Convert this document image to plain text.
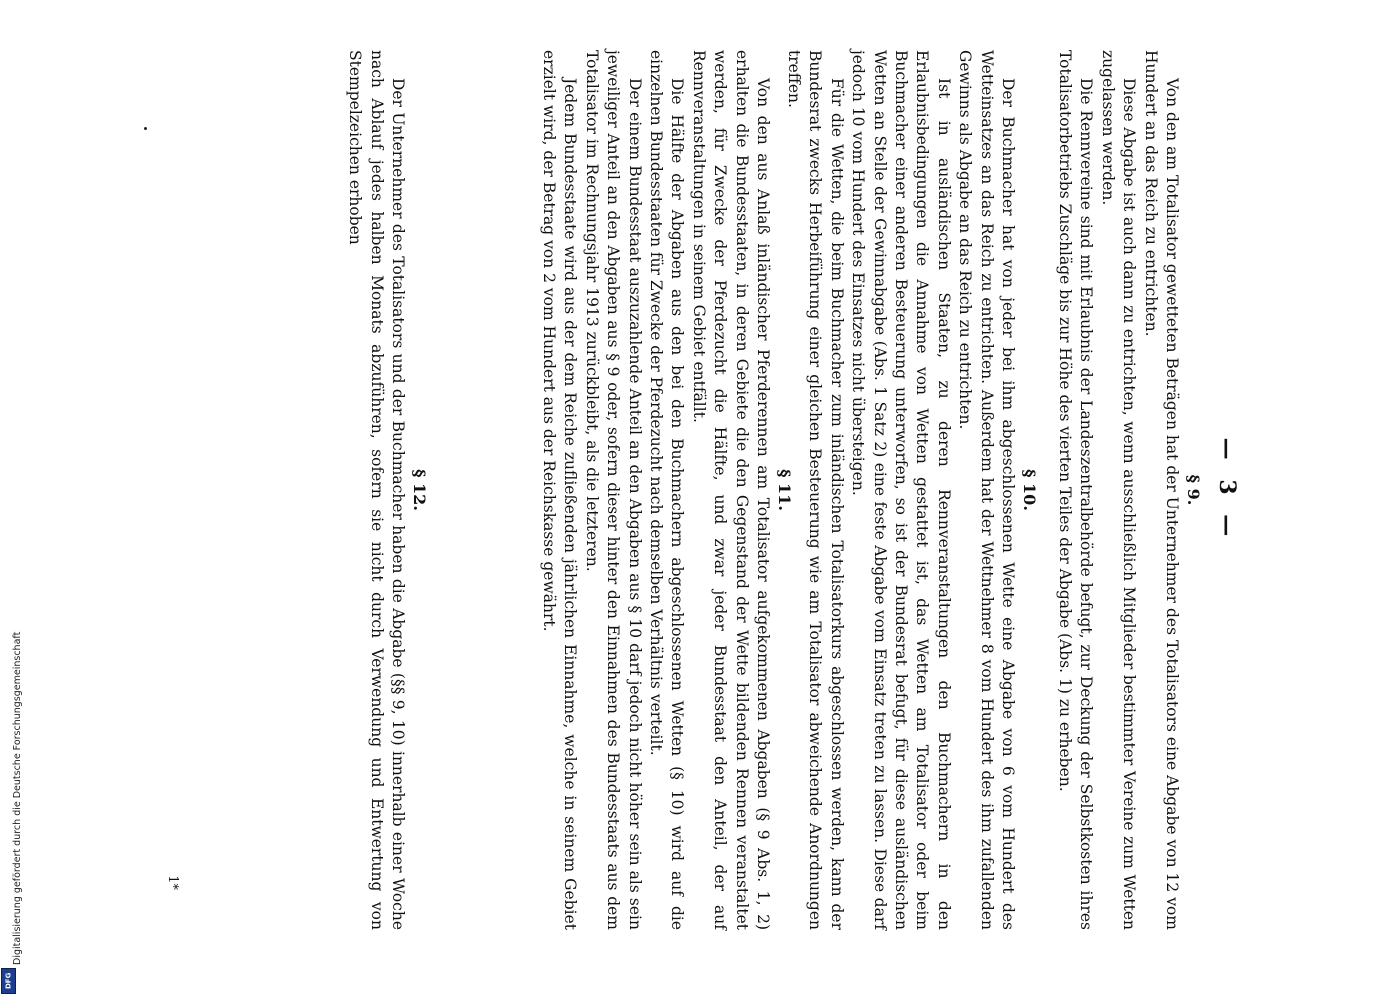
Digitalisierung gefördert durch die Deutsche Forschungsgemeinschaft
DFG
— 3 —
§ 9.

Von den am Totalisator gewetteten Beträgen hat der Unternehmer des Totalisators eine Abgabe von 12 vom Hundert an das Reich zu entrichten.

Diese Abgabe ist auch dann zu entrichten, wenn ausschließlich Mitglieder bestimmter Vereine zum Wetten zugelassen werden.

Die Rennvereine sind mit Erlaubnis der Landeszentralbehörde befugt, zur Deckung der Selbstkosten ihres Totalisatorbetriebs Zuschläge bis zur Höhe des vierten Teiles der Abgabe (Abs. 1) zu erheben.

§ 10.

Der Buchmacher hat von jeder bei ihm abgeschlossenen Wette eine Abgabe von 6 vom Hundert des Wetteinsatzes an das Reich zu entrichten. Außerdem hat der Wettnehmer 8 vom Hundert des ihm zufallenden Gewinns als Abgabe an das Reich zu entrichten.

Ist in ausländischen Staaten, zu deren Rennveranstaltungen den Buchmachern in den Erlaubnisbedingungen die Annahme von Wetten gestattet ist, das Wetten am Totalisator oder beim Buchmacher einer anderen Besteuerung unterworfen, so ist der Bundesrat befugt, für diese ausländischen Wetten an Stelle der Gewinnabgabe (Abs. 1 Satz 2) eine feste Abgabe vom Einsatz treten zu lassen. Diese darf jedoch 10 vom Hundert des Einsatzes nicht übersteigen.

Für die Wetten, die beim Buchmacher zum inländischen Totalisatorkurs abgeschlossen werden, kann der Bundesrat zwecks Herbeiführung einer gleichen Besteuerung wie am Totalisator abweichende Anordnungen treffen.

§ 11.

Von den aus Anlaß inländischer Pferderennen am Totalisator aufgekommenen Abgaben (§ 9 Abs. 1, 2) erhalten die Bundesstaaten, in deren Gebiete die den Gegenstand der Wette bildenden Rennen veranstaltet werden, für Zwecke der Pferdezucht die Hälfte, und zwar jeder Bundesstaat den Anteil, der auf Rennveranstaltungen in seinem Gebiet entfällt.

Die Hälfte der Abgaben aus den bei den Buchmachern abgeschlossenen Wetten (§ 10) wird auf die einzelnen Bundesstaaten für Zwecke der Pferdezucht nach demselben Verhältnis verteilt.

Der einem Bundesstaat auszuzahlende Anteil an den Abgaben aus § 10 darf jedoch nicht höher sein als sein jeweiliger Anteil an den Abgaben aus § 9 oder, sofern dieser hinter den Einnahmen des Bundesstaats aus dem Totalisator im Rechnungsjahr 1913 zurückbleibt, als die letzteren.

Jedem Bundesstaate wird aus der dem Reiche zufließenden jährlichen Einnahme, welche in seinem Gebiet erzielt wird, der Betrag von 2 vom Hundert aus der Reichskasse gewährt.

§ 12.

Der Unternehmer des Totalisators und der Buchmacher haben die Abgabe (§§ 9, 10) innerhalb einer Woche nach Ablauf jedes halben Monats abzuführen, sofern sie nicht durch Verwendung und Entwertung von Stempelzeichen erhoben

1*
